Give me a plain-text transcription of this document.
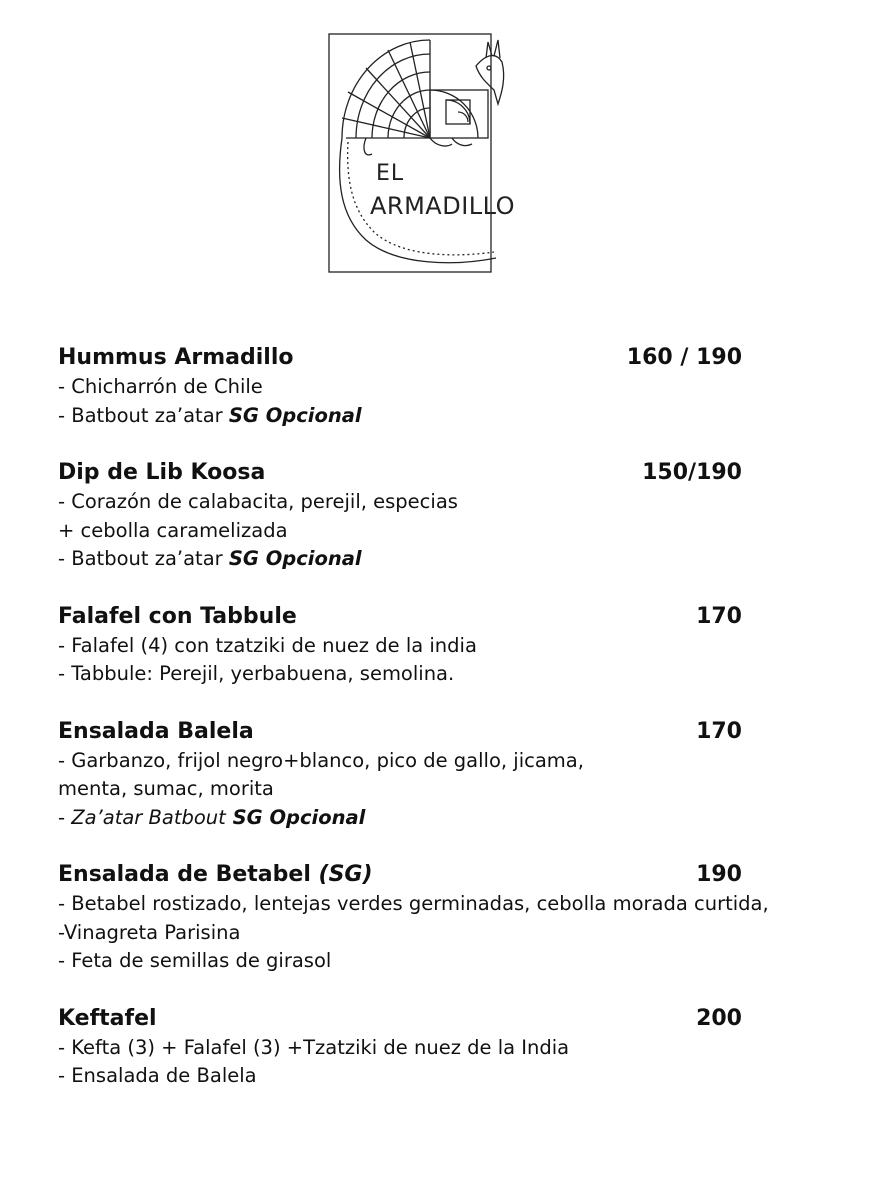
EL
ARMADILLO
Hummus Armadillo	160 / 190
- Chicharrón de Chile
- Batbout za’atar SG Opcional
Dip de Lib Koosa	150/190
- Corazón de calabacita, perejil, especias
+ cebolla caramelizada
- Batbout za’atar SG Opcional
Falafel con Tabbule	170
- Falafel (4) con tzatziki de nuez de la india
- Tabbule: Perejil, yerbabuena, semolina.
Ensalada Balela	170
- Garbanzo, frijol negro+blanco, pico de gallo, jicama,
menta, sumac, morita
- Za’atar Batbout SG Opcional
Ensalada de Betabel (SG)	190
- Betabel rostizado, lentejas verdes germinadas, cebolla morada curtida,
-Vinagreta Parisina
- Feta de semillas de girasol
Keftafel	200
- Kefta (3) + Falafel (3) +Tzatziki de nuez de la India
- Ensalada de Balela
